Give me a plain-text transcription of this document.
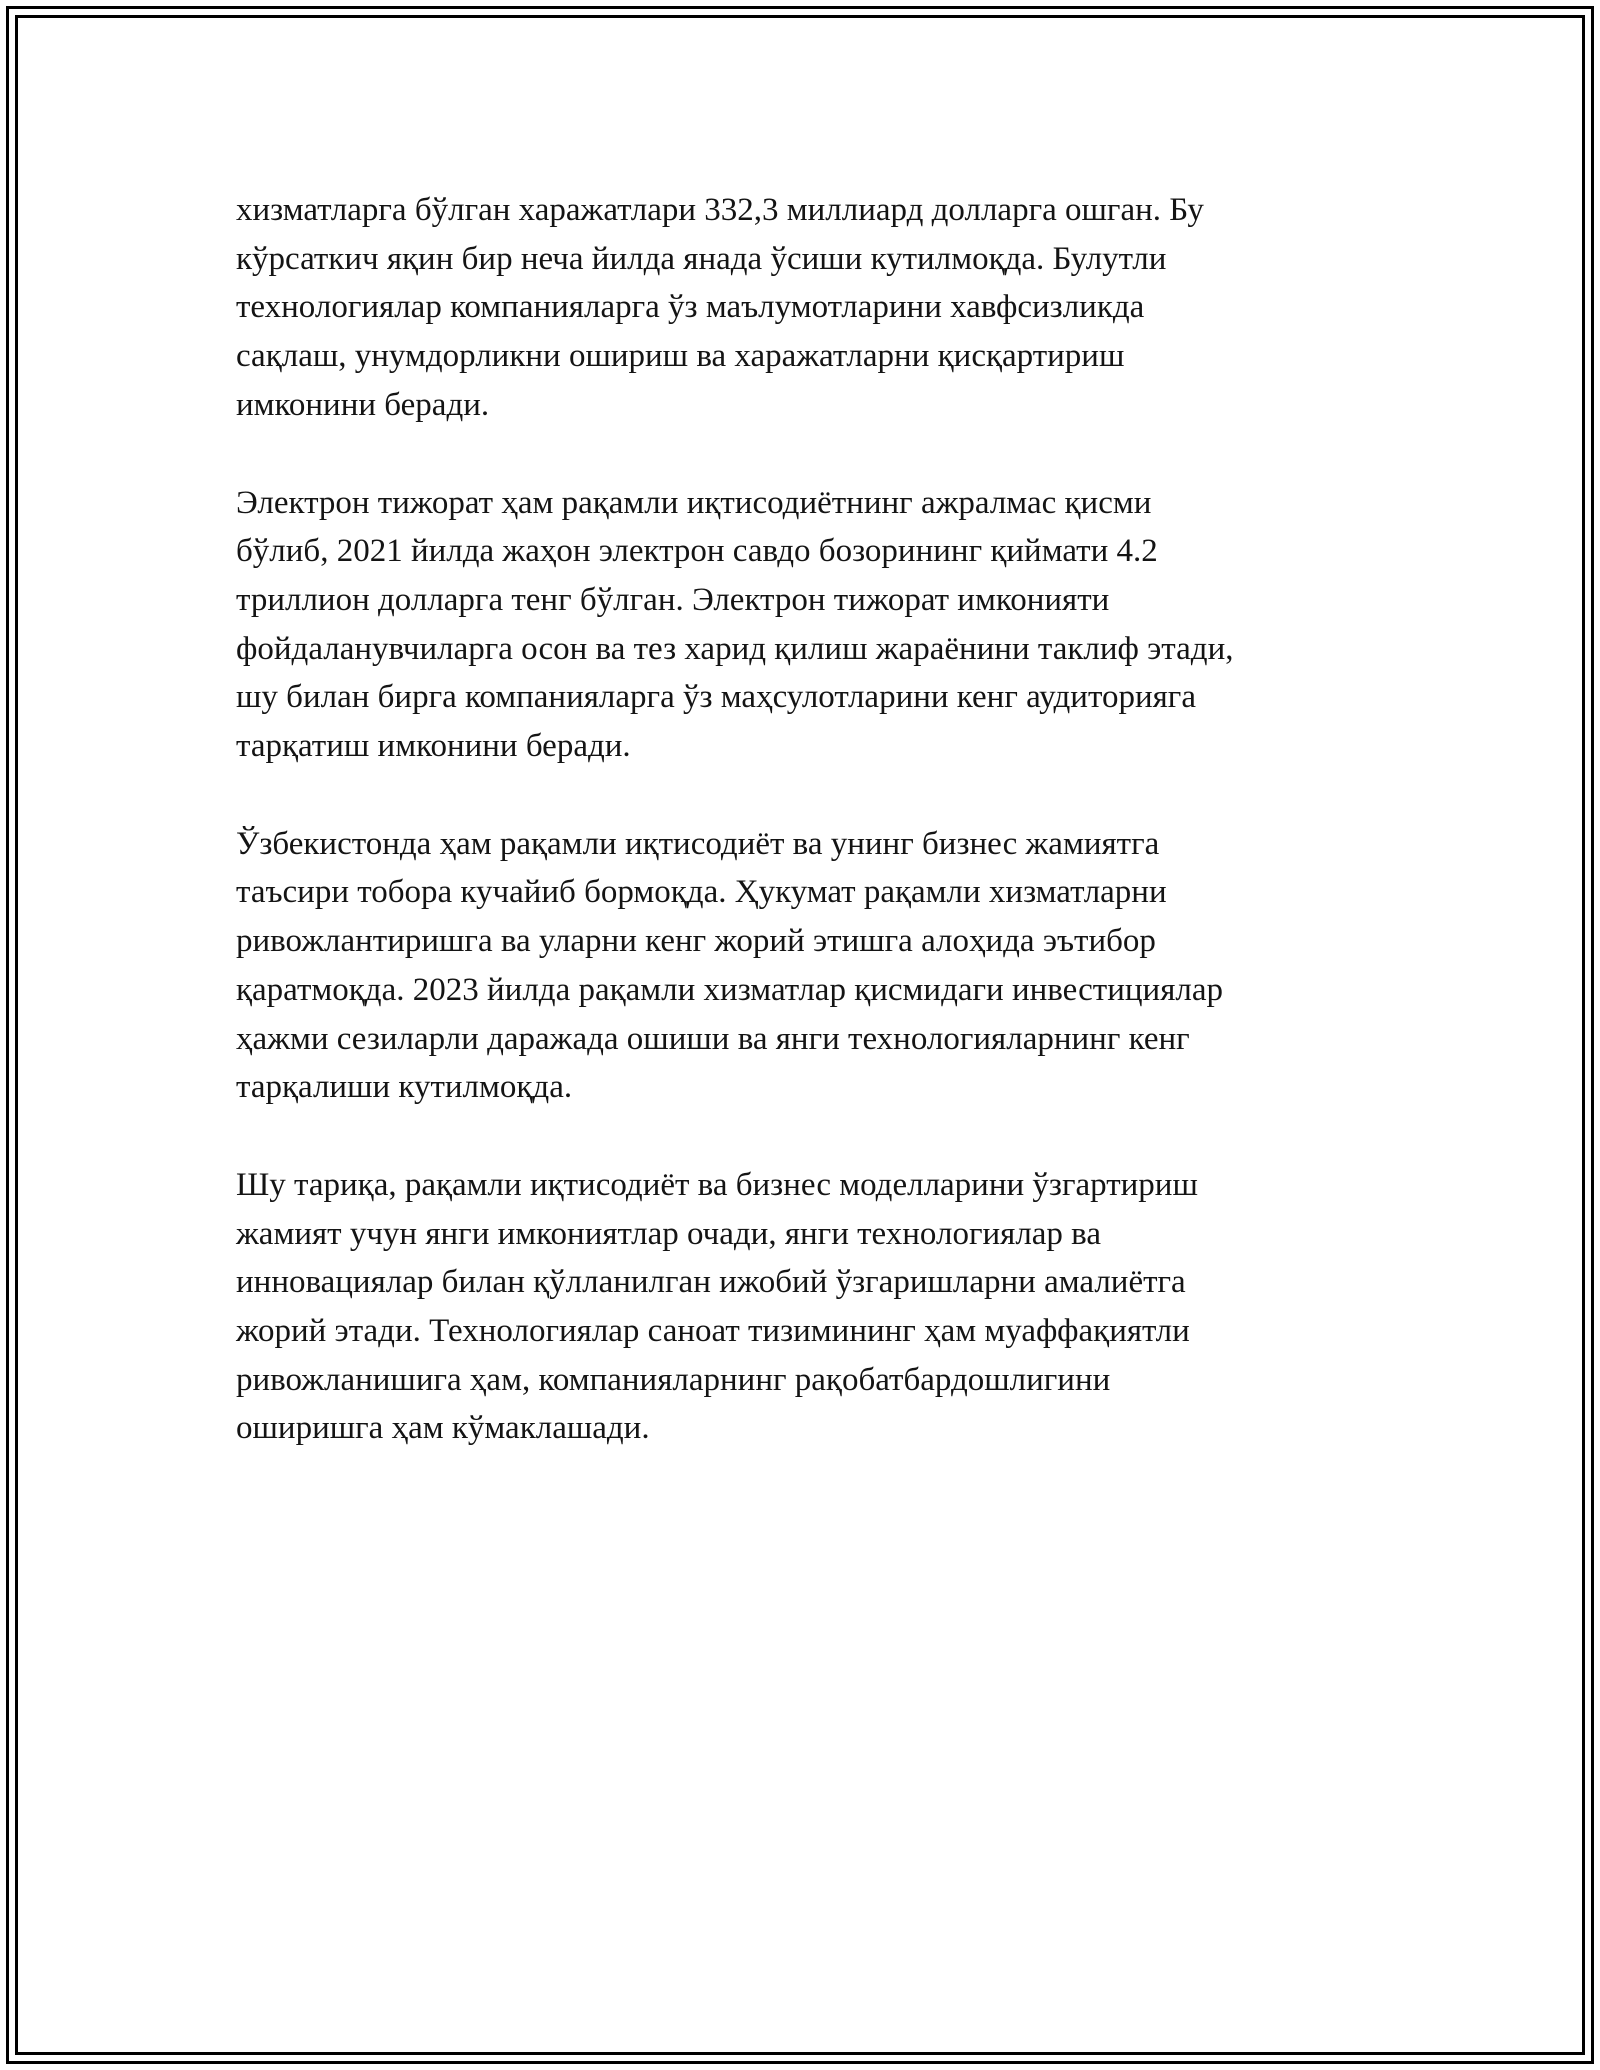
хизматларга бўлган харажатлари 332,3 миллиард долларга ошган. Бу
кўрсаткич яқин бир неча йилда янада ўсиши кутилмоқда. Булутли
технологиялар компанияларга ўз маълумотларини хавфсизликда
сақлаш, унумдорликни ошириш ва харажатларни қисқартириш
имконини беради.

Электрон тижорат ҳам рақамли иқтисодиётнинг ажралмас қисми
бўлиб, 2021 йилда жаҳон электрон савдо бозорининг қиймати 4.2
триллион долларга тенг бўлган. Электрон тижорат имконияти
фойдаланувчиларга осон ва тез харид қилиш жараёнини таклиф этади,
шу билан бирга компанияларга ўз маҳсулотларини кенг аудиторияга
тарқатиш имконини беради.

Ўзбекистонда ҳам рақамли иқтисодиёт ва унинг бизнес жамиятга
таъсири тобора кучайиб бормоқда. Ҳукумат рақамли хизматларни
ривожлантиришга ва уларни кенг жорий этишга алоҳида эътибор
қаратмоқда. 2023 йилда рақамли хизматлар қисмидаги инвестициялар
ҳажми сезиларли даражада ошиши ва янги технологияларнинг кенг
тарқалиши кутилмоқда.

Шу тариқа, рақамли иқтисодиёт ва бизнес моделларини ўзгартириш
жамият учун янги имкониятлар очади, янги технологиялар ва
инновациялар билан қўлланилган ижобий ўзгаришларни амалиётга
жорий этади. Технологиялар саноат тизимининг ҳам муаффақиятли
ривожланишига ҳам, компанияларнинг рақобатбардошлигини
оширишга ҳам кўмаклашади.
